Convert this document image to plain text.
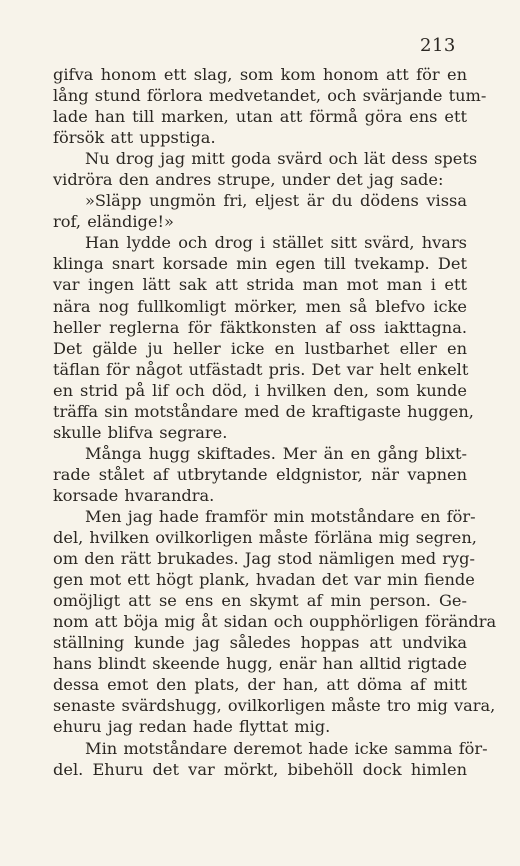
213
gifva honom ett slag, som kom honom att för en
lång stund förlora medvetandet, och svärjande tum-
lade han till marken, utan att förmå göra ens ett
försök att uppstiga.
Nu drog jag mitt goda svärd och lät dess spets
vidröra den andres strupe, under det jag sade:
»Släpp ungmön fri, eljest är du dödens vissa
rof, eländige!»
Han lydde och drog i stället sitt svärd, hvars
klinga snart korsade min egen till tvekamp. Det
var ingen lätt sak att strida man mot man i ett
nära nog fullkomligt mörker, men så blefvo icke
heller reglerna för fäktkonsten af oss iakttagna.
Det gälde ju heller icke en lustbarhet eller en
täflan för något utfästadt pris. Det var helt enkelt
en strid på lif och död, i hvilken den, som kunde
träffa sin motståndare med de kraftigaste huggen,
skulle blifva segrare.
Många hugg skiftades. Mer än en gång blixt-
rade stålet af utbrytande eldgnistor, när vapnen
korsade hvarandra.
Men jag hade framför min motståndare en för-
del, hvilken ovilkorligen måste förläna mig segren,
om den rätt brukades. Jag stod nämligen med ryg-
gen mot ett högt plank, hvadan det var min fiende
omöjligt att se ens en skymt af min person. Ge-
nom att böja mig åt sidan och oupphörligen förändra
ställning kunde jag således hoppas att undvika
hans blindt skeende hugg, enär han alltid rigtade
dessa emot den plats, der han, att döma af mitt
senaste svärdshugg, ovilkorligen måste tro mig vara,
ehuru jag redan hade flyttat mig.
Min motståndare deremot hade icke samma för-
del. Ehuru det var mörkt, bibehöll dock himlen
